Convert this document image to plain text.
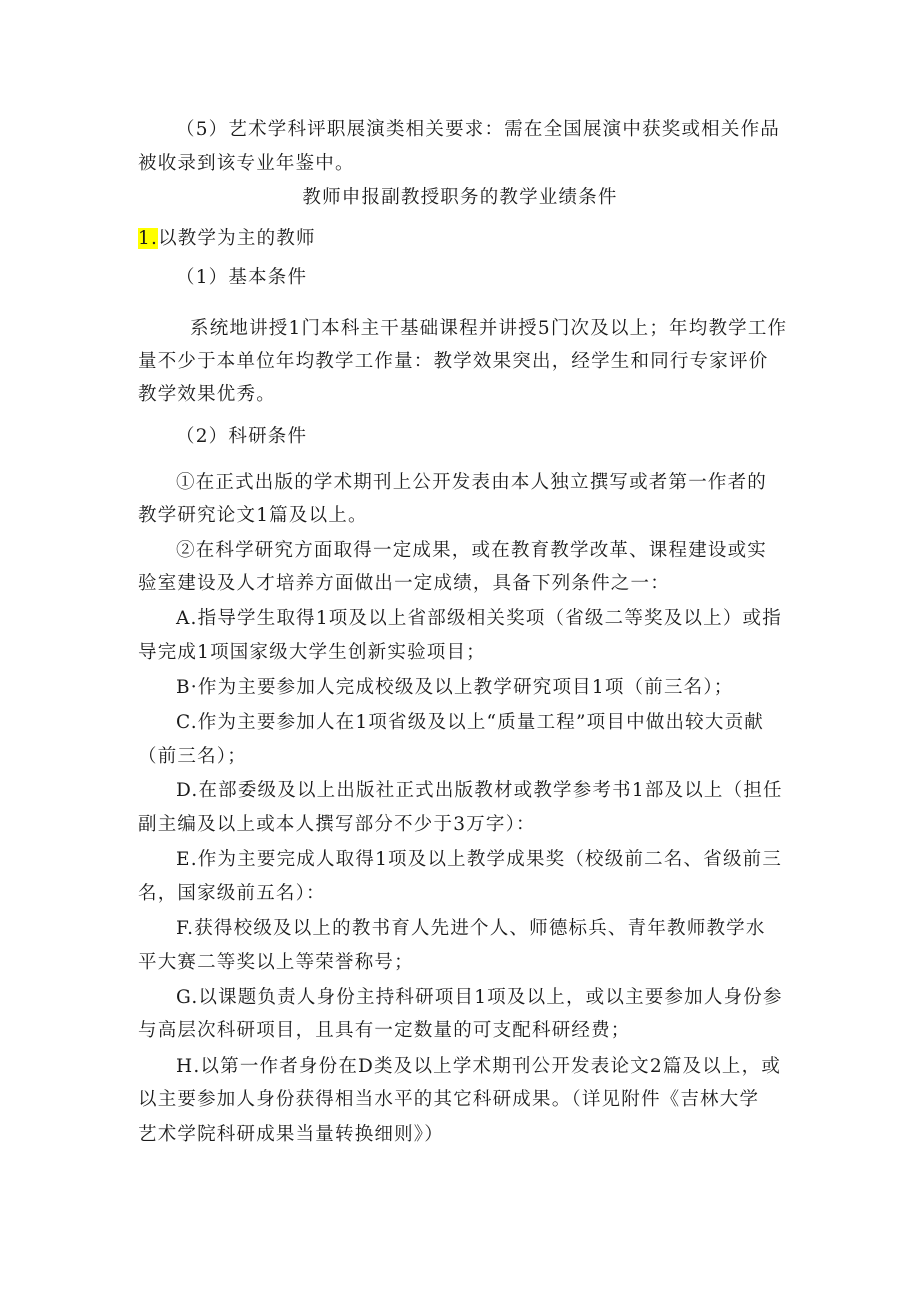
（5）艺术学科评职展演类相关要求：需在全国展演中获奖或相关作品
被收录到该专业年鉴中。
教师申报副教授职务的教学业绩条件
1.以教学为主的教师
（1）基本条件
系统地讲授1门本科主干基础课程并讲授5门次及以上；年均教学工作
量不少于本单位年均教学工作量：教学效果突出，经学生和同行专家评价
教学效果优秀。
（2）科研条件
①在正式出版的学术期刊上公开发表由本人独立撰写或者第一作者的
教学研究论文1篇及以上。
②在科学研究方面取得一定成果，或在教育教学改革、课程建设或实
验室建设及人才培养方面做出一定成绩，具备下列条件之一：
A.指导学生取得1项及以上省部级相关奖项（省级二等奖及以上）或指
导完成1项国家级大学生创新实验项目；
B·作为主要参加人完成校级及以上教学研究项目1项（前三名）；
C.作为主要参加人在1项省级及以上“质量工程”项目中做出较大贡献
（前三名）；
D.在部委级及以上出版社正式出版教材或教学参考书1部及以上（担任
副主编及以上或本人撰写部分不少于3万字）：
E.作为主要完成人取得1项及以上教学成果奖（校级前二名、省级前三
名，国家级前五名）：
F.获得校级及以上的教书育人先进个人、师德标兵、青年教师教学水
平大赛二等奖以上等荣誉称号；
G.以课题负责人身份主持科研项目1项及以上，或以主要参加人身份参
与高层次科研项目，且具有一定数量的可支配科研经费；
H.以第一作者身份在D类及以上学术期刊公开发表论文2篇及以上，或
以主要参加人身份获得相当水平的其它科研成果。（详见附件《吉林大学
艺术学院科研成果当量转换细则》）
